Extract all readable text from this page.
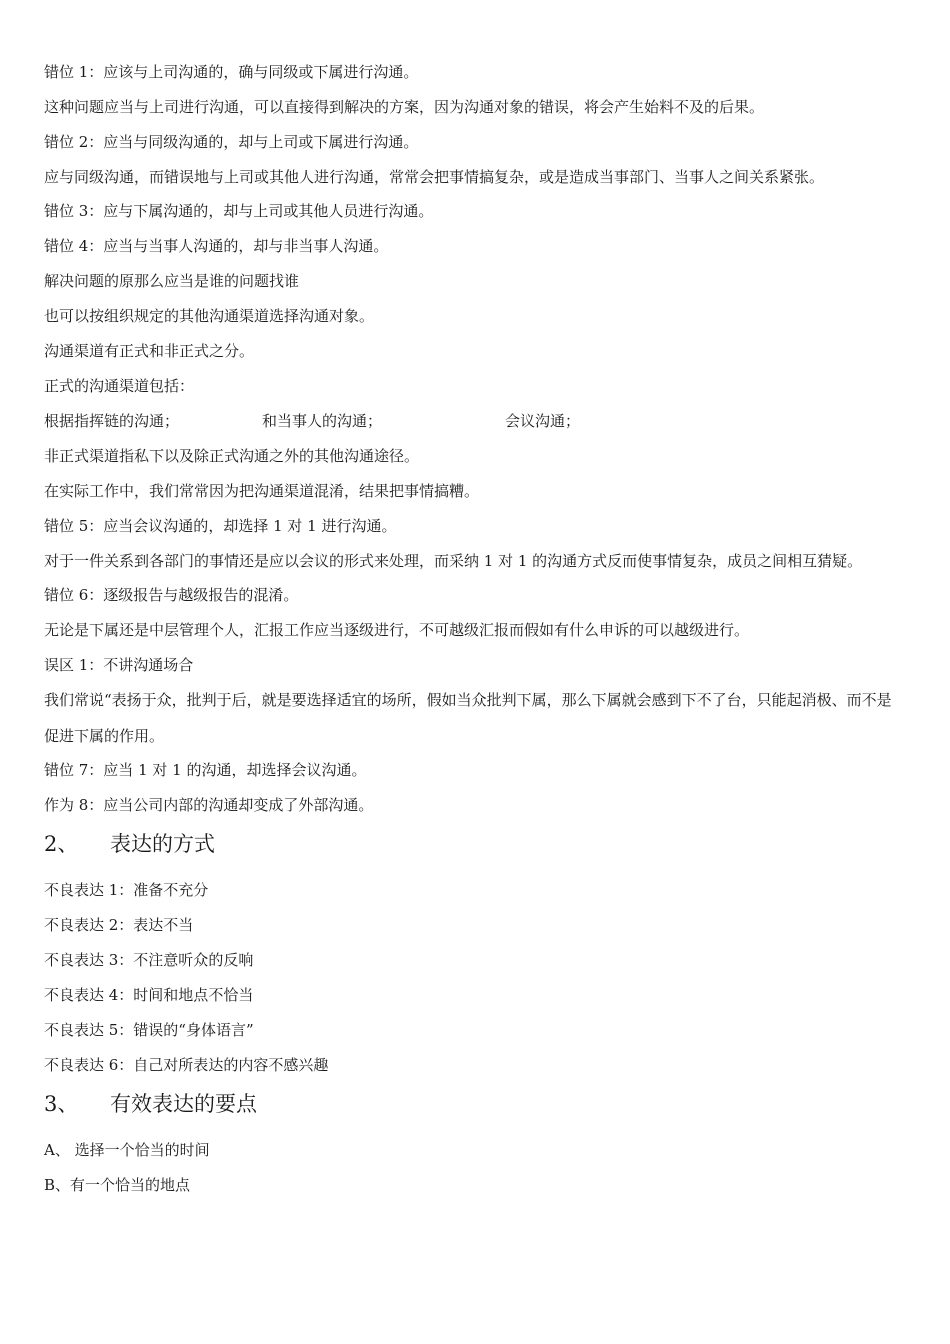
错位 1：应该与上司沟通的，确与同级或下属进行沟通。

这种问题应当与上司进行沟通，可以直接得到解决的方案，因为沟通对象的错误，将会产生始料不及的后果。

错位 2：应当与同级沟通的，却与上司或下属进行沟通。

应与同级沟通，而错误地与上司或其他人进行沟通，常常会把事情搞复杂，或是造成当事部门、当事人之间关系紧张。

错位 3：应与下属沟通的，却与上司或其他人员进行沟通。

错位 4：应当与当事人沟通的，却与非当事人沟通。

解决问题的原那么应当是谁的问题找谁

也可以按组织规定的其他沟通渠道选择沟通对象。

沟通渠道有正式和非正式之分。

正式的沟通渠道包括：

根据指挥链的沟通；	和当事人的沟通；	会议沟通；

非正式渠道指私下以及除正式沟通之外的其他沟通途径。

在实际工作中，我们常常因为把沟通渠道混淆，结果把事情搞糟。

错位 5：应当会议沟通的，却选择 1 对 1 进行沟通。

对于一件关系到各部门的事情还是应以会议的形式来处理，而采纳 1 对 1 的沟通方式反而使事情复杂，成员之间相互猜疑。

错位 6：逐级报告与越级报告的混淆。

无论是下属还是中层管理个人，汇报工作应当逐级进行，不可越级汇报而假如有什么申诉的可以越级进行。

误区 1：不讲沟通场合

我们常说“表扬于众，批判于后，就是要选择适宜的场所，假如当众批判下属，那么下属就会感到下不了台，只能起消极、而不是促进下属的作用。

错位 7：应当 1 对 1 的沟通，却选择会议沟通。

作为 8：应当公司内部的沟通却变成了外部沟通。

2、	表达的方式

不良表达 1：准备不充分

不良表达 2：表达不当

不良表达 3：不注意听众的反响

不良表达 4：时间和地点不恰当

不良表达 5：错误的“身体语言”

不良表达 6：自己对所表达的内容不感兴趣

3、	有效表达的要点

A、 选择一个恰当的时间

B、有一个恰当的地点
